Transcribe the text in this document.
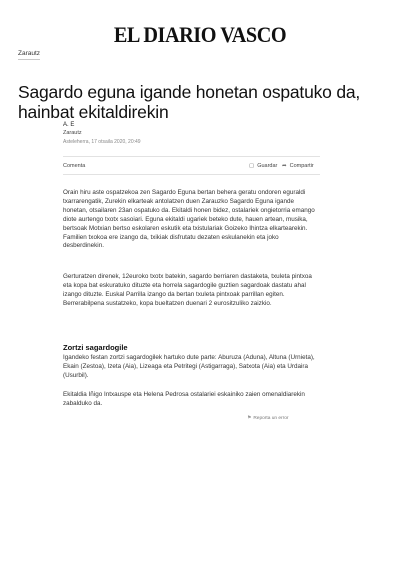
EL DIARIO VASCO
Zarautz
Sagardo eguna igande honetan ospatuko da, hainbat ekitaldirekin
A. E
Zarautz
Asteleherra, 17 otsaila 2020, 20:49
Comenta	▢ Guardar ➦ Compartir

Orain hiru aste ospatzekoa zen Sagardo Eguna bertan behera geratu ondoren eguraldi txarrarengatik, Zurekin elkarteak antolatzen duen Zarauzko Sagardo Eguna igande honetan, otsailaren 23an ospatuko da. Ekitaldi honen bidez, ostalariek ongietorria emango diote aurtengo txotx sasoiari. Eguna ekitaldi ugariek beteko dute, hauen artean, musika, bertsoak Motxian bertso eskolaren eskutik eta txistulariak Goizeko Ihintza elkartearekin. Familien txokoa ere izango da, txikiak disfrutatu dezaten eskulanekin eta joko desberdinekin.

Gerturatzen direnek, 12euroko txotx batekin, sagardo berriaren dastaketa, txuleta pintxoa eta kopa bat eskuratuko dituzte eta horrela sagardogile guztien sagardoak dastatu ahal izango dituzte. Euskal Parrilla izango da bertan txuleta pintxoak parrillan egiten. Berrerabilpena sustatzeko, kopa bueltatzen duenari 2 eurositzuliko zaizkio.

Zortzi sagardogile

Igandeko festan zortzi sagardogilek hartuko dute parte: Aburuza (Aduna), Altuna (Urnieta), Ekain (Zestoa), Izeta (Aia), Lizeaga eta Petritegi (Astigarraga), Satxota (Aia) eta Urdaira (Usurbil).

Ekitaldia Iñigo Intxauspe eta Helena Pedrosa ostalariei eskainiko zaien omenaldiarekin zabalduko da.

⚑ Reporta un error
